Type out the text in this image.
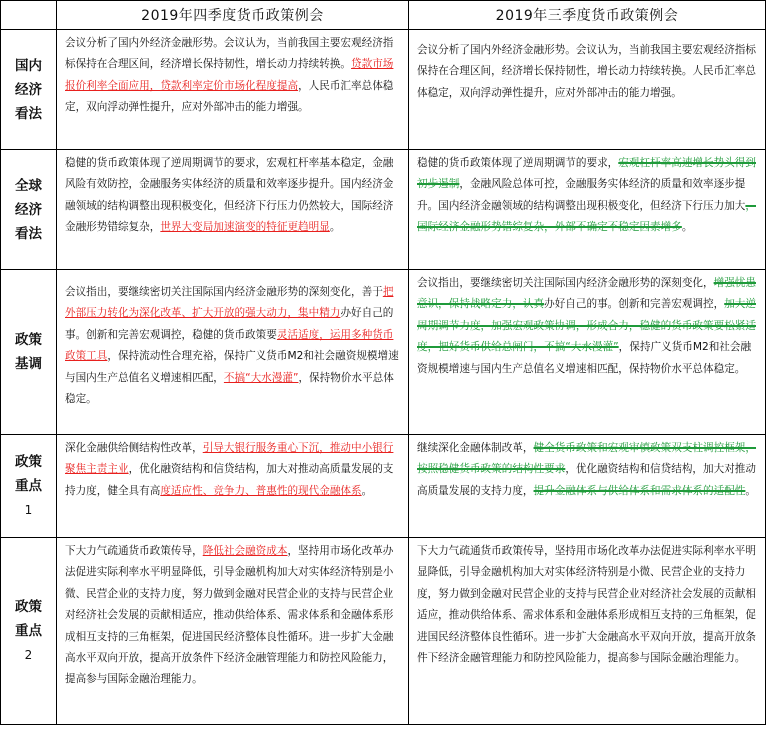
	2019年四季度货币政策例会	2019年三季度货币政策例会

国内
经济
看法	会议分析了国内外经济金融形势。会议认为，当前我国主要宏观经济指标保持在合理区间，经济增长保持韧性，增长动力持续转换。贷款市场报价利率全面应用，贷款利率定价市场化程度提高，人民币汇率总体稳定，双向浮动弹性提升，应对外部冲击的能力增强。	会议分析了国内外经济金融形势。会议认为，当前我国主要宏观经济指标保持在合理区间，经济增长保持韧性，增长动力持续转换。人民币汇率总体稳定，双向浮动弹性提升，应对外部冲击的能力增强。

全球
经济
看法	稳健的货币政策体现了逆周期调节的要求，宏观杠杆率基本稳定，金融风险有效防控，金融服务实体经济的质量和效率逐步提升。国内经济金融领域的结构调整出现积极变化，但经济下行压力仍然较大，国际经济金融形势错综复杂，世界大变局加速演变的特征更趋明显。	稳健的货币政策体现了逆周期调节的要求，宏观杠杆率高速增长势头得到初步遏制，金融风险总体可控，金融服务实体经济的质量和效率逐步提升。国内经济金融领域的结构调整出现积极变化，但经济下行压力加大，国际经济金融形势错综复杂，外部不确定不稳定因素增多。

政策
基调	会议指出，要继续密切关注国际国内经济金融形势的深刻变化，善于把外部压力转化为深化改革、扩大开放的强大动力，集中精力办好自己的事。创新和完善宏观调控，稳健的货币政策要灵活适度，运用多种货币政策工具，保持流动性合理充裕，保持广义货币M2和社会融资规模增速与国内生产总值名义增速相匹配，不搞“大水漫灌”，保持物价水平总体稳定。	会议指出，要继续密切关注国际国内经济金融形势的深刻变化，增强忧患意识，保持战略定力，认真办好自己的事。创新和完善宏观调控，加大逆周期调节力度，加强宏观政策协调，形成合力，稳健的货币政策要松紧适度，把好货币供给总闸门，不搞“大水漫灌”，保持广义货币M2和社会融资规模增速与国内生产总值名义增速相匹配，保持物价水平总体稳定。

政策
重点
1	深化金融供给侧结构性改革，引导大银行服务重心下沉，推动中小银行聚焦主责主业，优化融资结构和信贷结构，加大对推动高质量发展的支持力度，健全具有高度适应性、竞争力、普惠性的现代金融体系。	继续深化金融体制改革，健全货币政策和宏观审慎政策双支柱调控框架，按照稳健货币政策的结构性要求，优化融资结构和信贷结构，加大对推动高质量发展的支持力度，提升金融体系与供给体系和需求体系的适配性。

政策
重点
2	下大力气疏通货币政策传导，降低社会融资成本，坚持用市场化改革办法促进实际利率水平明显降低，引导金融机构加大对实体经济特别是小微、民营企业的支持力度，努力做到金融对民营企业的支持与民营企业对经济社会发展的贡献相适应，推动供给体系、需求体系和金融体系形成相互支持的三角框架，促进国民经济整体良性循环。进一步扩大金融高水平双向开放，提高开放条件下经济金融管理能力和防控风险能力，提高参与国际金融治理能力。	下大力气疏通货币政策传导，坚持用市场化改革办法促进实际利率水平明显降低，引导金融机构加大对实体经济特别是小微、民营企业的支持力度，努力做到金融对民营企业的支持与民营企业对经济社会发展的贡献相适应，推动供给体系、需求体系和金融体系形成相互支持的三角框架，促进国民经济整体良性循环。进一步扩大金融高水平双向开放，提高开放条件下经济金融管理能力和防控风险能力，提高参与国际金融治理能力。
